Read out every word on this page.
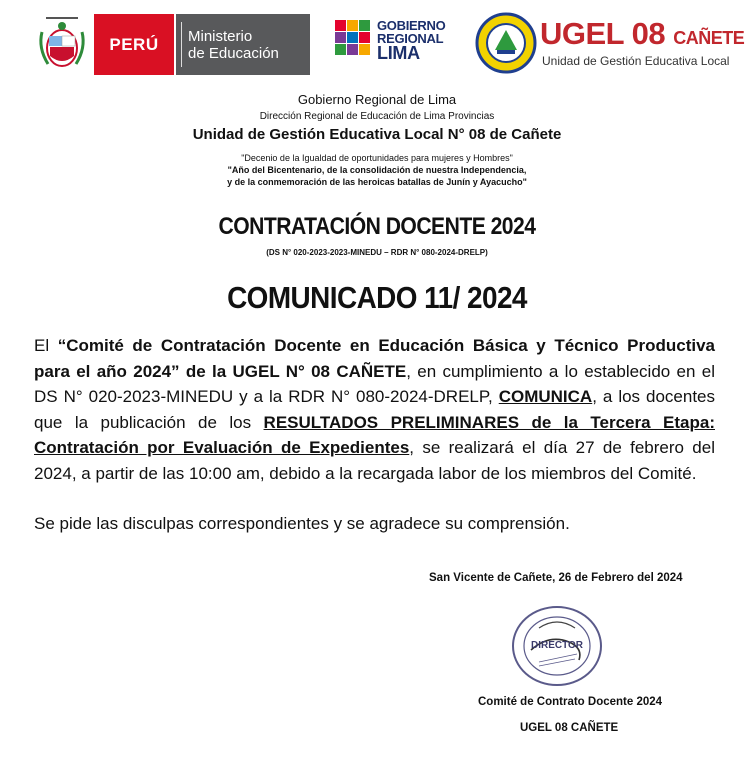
PERÚ Ministerio
de Educación
GOBIERNO
REGIONAL
LIMA
UGEL 08 CAÑETE
Unidad de Gestión Educativa Local
Gobierno Regional de Lima
Dirección Regional de Educación de Lima Provincias
Unidad de Gestión Educativa Local N° 08 de Cañete
"Decenio de la Igualdad de oportunidades para mujeres y Hombres"
"Año del Bicentenario, de la consolidación de nuestra Independencia,
y de la conmemoración de las heroicas batallas de Junín y Ayacucho"
CONTRATACIÓN DOCENTE 2024
(DS N° 020-2023-2023-MINEDU – RDR N° 080-2024-DRELP)
COMUNICADO 11/ 2024
El “Comité de Contratación Docente en Educación Básica y Técnico Productiva para el año 2024” de la UGEL N° 08 CAÑETE, en cumplimiento a lo establecido en el DS N° 020-2023-MINEDU y a la RDR N° 080-2024-DRELP, COMUNICA, a los docentes que la publicación de los RESULTADOS PRELIMINARES de la Tercera Etapa: Contratación por Evaluación de Expedientes, se realizará el día 27 de febrero del 2024, a partir de las 10:00 am, debido a la recargada labor de los miembros del Comité.
Se pide las disculpas correspondientes y se agradece su comprensión.
San Vicente de Cañete, 26 de Febrero del 2024
DIRECTOR
Comité de Contrato Docente 2024
UGEL 08 CAÑETE
